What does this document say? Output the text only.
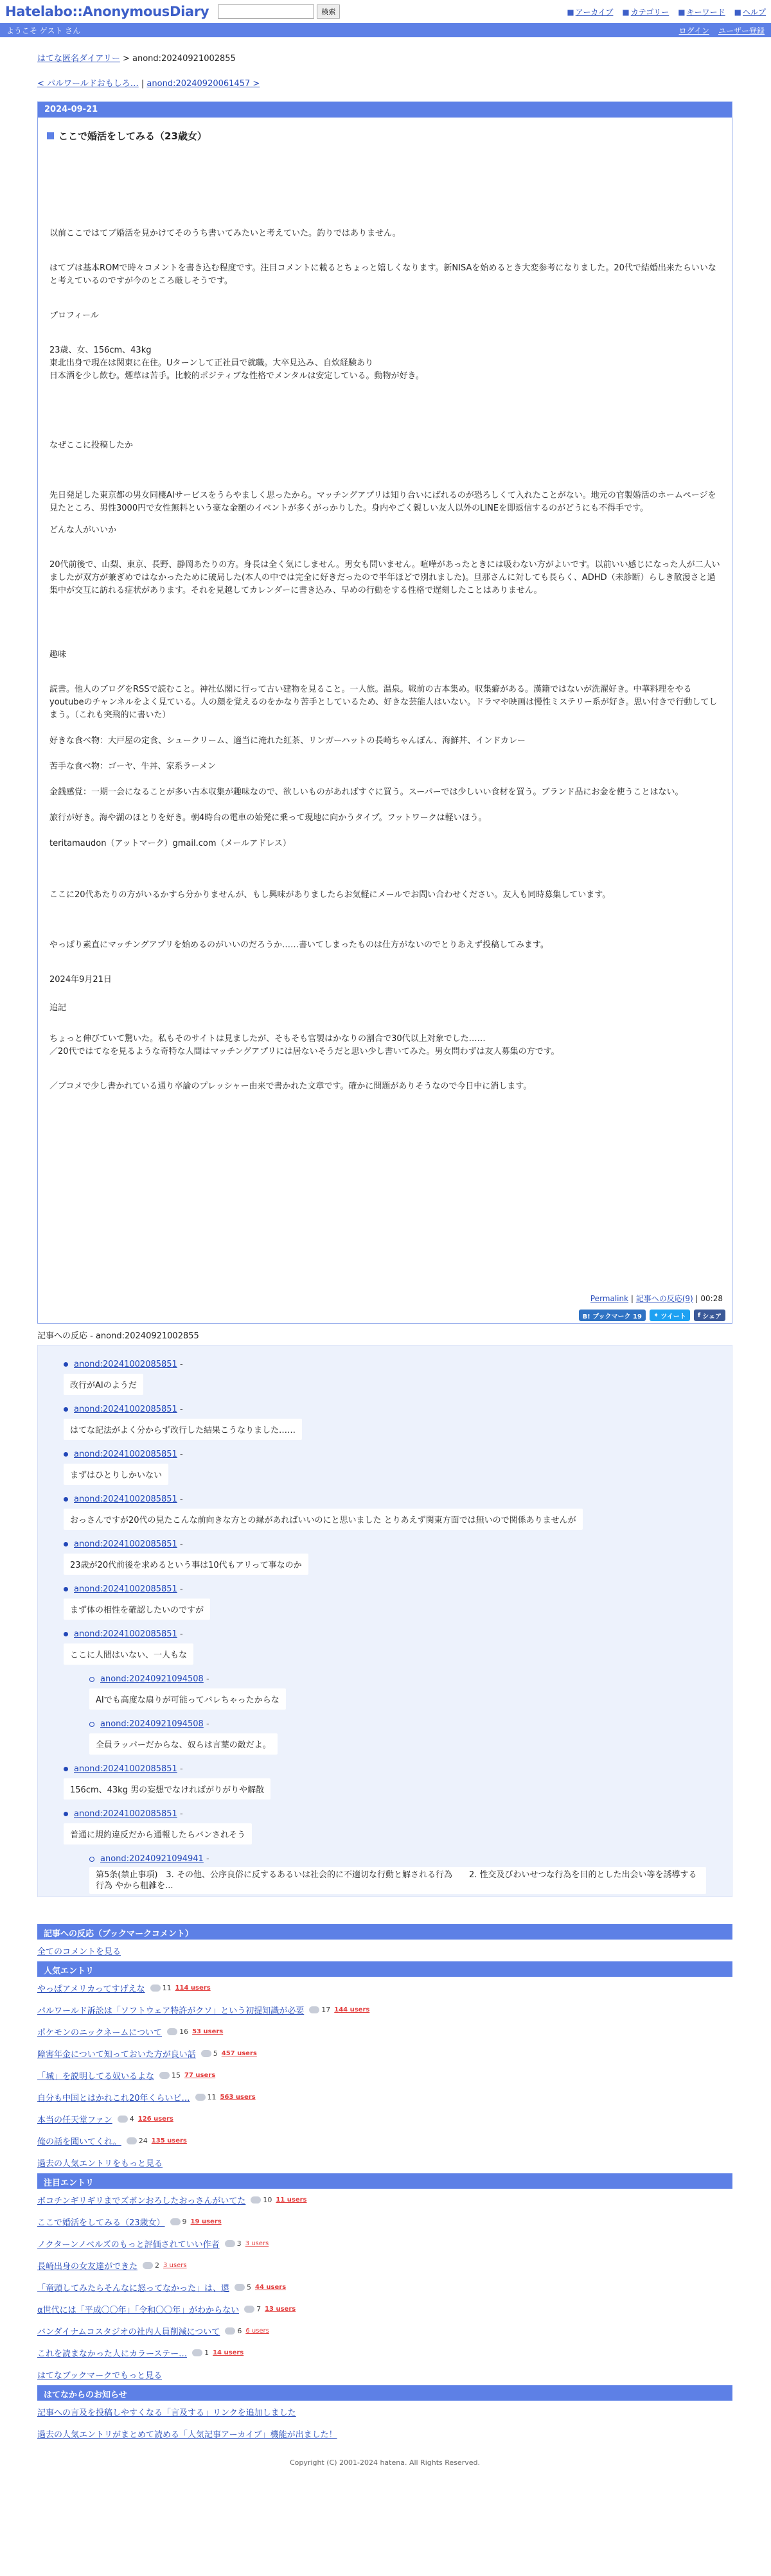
Hatelabo::AnonymousDiary	検索	■ アーカイブ ■ カテゴリー ■ キーワード ■ ヘルプ
ようこそ ゲスト さん	ログイン ユーザー登録
はてな匿名ダイアリー > anond:20240921002855
< パルワールドおもしろ… | anond:20240920061457 >
2024-09-21
ここで婚活をしてみる（23歳女）

以前ここではてブ婚活を見かけてそのうち書いてみたいと考えていた。釣りではありません。

はてブは基本ROMで時々コメントを書き込む程度です。注目コメントに載るとちょっと嬉しくなります。新NISAを始めるとき大変参考になりました。20代で結婚出来たらいいなと考えているのですが今のところ厳しそうです。

プロフィール

23歳、女、156cm、43kg

東北出身で現在は関東に在住。Uターンして正社員で就職。大卒見込み、自炊経験あり

日本酒を少し飲む。煙草は苦手。比較的ポジティブな性格でメンタルは安定している。動物が好き。

なぜここに投稿したか

先日発足した東京都の男女同棲AIサービスをうらやましく思ったから。マッチングアプリは知り合いにばれるのが恐ろしくて入れたことがない。地元の官製婚活のホームページを見たところ、男性3000円で女性無料という豪な金額のイベントが多くがっかりした。身内やごく親しい友人以外のLINEを即返信するのがどうにも不得手です。

どんな人がいいか

20代前後で、山梨、東京、長野、静岡あたりの方。身長は全く気にしません。男女も問いません。喧嘩があったときには吸わない方がよいです。以前いい感じになった人が二人いましたが双方が兼ぎめではなかったために破局した(本人の中では完全に好きだったので半年ほどで別れました)。旦那さんに対しても長らく、ADHD（未診断）らしき散漫さと過集中が交互に訪れる症状があります。それを見越してカレンダーに書き込み、早めの行動をする性格で遅刻したことはありません。

趣味

読書。他人のブログをRSSで読むこと。神社仏閣に行って古い建物を見ること。一人旅。温泉。戦前の古本集め。収集癖がある。漢籍ではないが洗濯好き。中華料理をやるyoutubeのチャンネルをよく見ている。人の顔を覚えるのをかなり苦手としているため、好きな芸能人はいない。ドラマや映画は慢性ミステリー系が好き。思い付きで行動してしまう。（これも突飛的に書いた）

好きな食べ物：大戸屋の定食、シュークリーム、適当に淹れた紅茶、リンガーハットの長崎ちゃんぽん、海鮮丼、インドカレー

苦手な食べ物：ゴーヤ、牛丼、家系ラーメン

金銭感覚：一期一会になることが多い古本収集が趣味なので、欲しいものがあればすぐに買う。スーパーでは少しいい食材を買う。ブランド品にお金を使うことはない。

旅行が好き。海や湖のほとりを好き。朝4時台の電車の始発に乗って現地に向かうタイプ。フットワークは軽いほう。

teritamaudon（アットマーク）gmail.com（メールアドレス）

ここに20代あたりの方がいるかすら分かりませんが、もし興味がありましたらお気軽にメールでお問い合わせください。友人も同時募集しています。

やっぱり素直にマッチングアプリを始めるのがいいのだろうか……書いてしまったものは仕方がないのでとりあえず投稿してみます。

2024年9月21日

追記

ちょっと伸びていて驚いた。私もそのサイトは見ましたが、そもそも官製はかなりの割合で30代以上対象でした……

／20代ではてなを見るような奇特な人間はマッチングアプリには居ないそうだと思い少し書いてみた。男女問わずは友人募集の方です。

／ブコメで少し書かれている通り卒論のプレッシャー由来で書かれた文章です。確かに問題がありそうなので今日中に消します。

Permalink | 記事への反応(9) | 00:28
B! ブックマーク 19	✦ ツイート f シェア
記事への反応 - anond:20240921002855
anond:20241002085851 -
改行がAIのようだ
anond:20241002085851 -
はてな記法がよく分からず改行した結果こうなりました……
anond:20241002085851 -
まずはひとりしかいない
anond:20241002085851 -
おっさんですが20代の見たこんな前向きな方との縁があればいいのにと思いました とりあえず関東方面では無いので関係ありませんが
anond:20241002085851 -
23歳が20代前後を求めるという事は10代もアリって事なのか
anond:20241002085851 -
まず体の相性を確認したいのですが
anond:20241002085851 -
ここに人間はいない、一人もな
anond:20240921094508 -
AIでも高度な扇りが可能ってバレちゃったからな
anond:20240921094508 -
全員ラッパーだからな、奴らは言葉の敵だよ。
anond:20241002085851 -
156cm、43kg 男の妄想でなければがりがりや解散
anond:20241002085851 -
普通に規約違反だから通報したらバンされそう
anond:20240921094941 -
第5条(禁止事項)　3. その他、公序良俗に反するあるいは社会的に不適切な行動と解される行為　　2. 性交及びわいせつな行為を目的とした出会い等を誘導する行為 やから粗雑を...
記事への反応（ブックマークコメント）
全てのコメントを見る
人気エントリ
やっぱアメリカってすげえな 11 114 users
パルワールド訴訟は「ソフトウェア特許がクソ」という初提知識が必要 17 144 users
ポケモンのニックネームについて 16 53 users
障害年金について知っておいた方が良い話 5 457 users
「城」を説明してる奴いるよな 15 77 users
自分も中国とはかれこれ20年くらいピ… 11 563 users
本当の任天堂ファン 4 126 users
俺の話を聞いてくれ。 24 135 users
過去の人気エントリをもっと見る
注目エントリ
ボコチンギリギリまでズボンおろしたおっさんがいてた 10 11 users
ここで婚活をしてみる（23歳女） 9 19 users
ノクターンノベルズのもっと評価されていい作者 3 3 users
長崎出身の女友達ができた 2 3 users
「竜頭してみたらそんなに怒ってなかった」は、還 5 44 users
α世代には「平成〇〇年」「令和〇〇年」がわからない 7 13 users
バンダイナムコスタジオの社内人員削減について 6 6 users
これを読まなかった人にカラーステー… 1 14 users
はてなブックマークでもっと見る
はてなからのお知らせ
記事への言及を投稿しやすくなる「言及する」リンクを追加しました
過去の人気エントリがまとめて読める「人気記事アーカイブ」機能が出ました！
Copyright (C) 2001-2024 hatena. All Rights Reserved.
